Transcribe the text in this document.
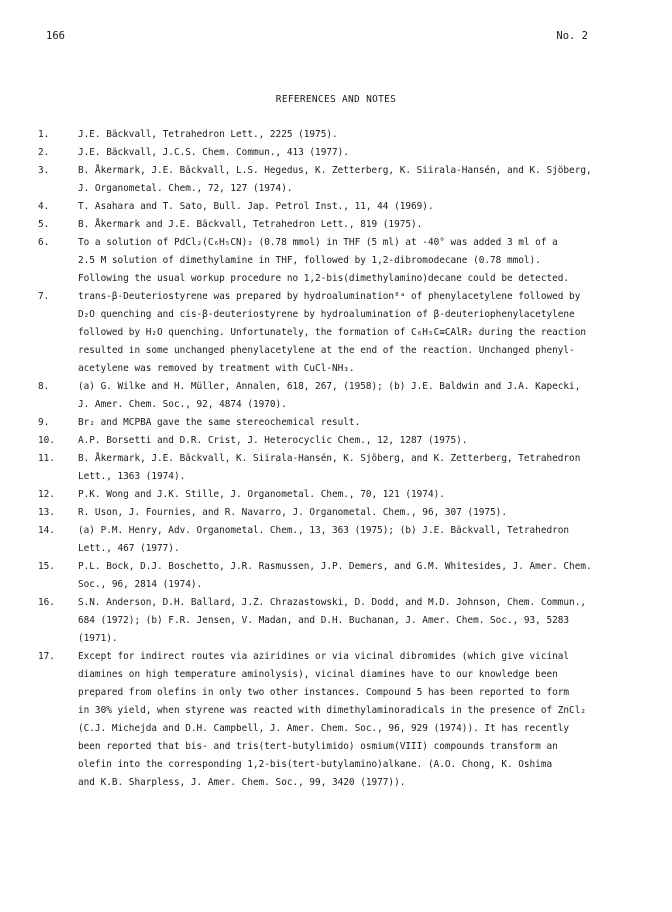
166	No. 2
REFERENCES AND NOTES
1.	J.E. Bäckvall, Tetrahedron Lett., 2225 (1975).
2.	J.E. Bäckvall, J.C.S. Chem. Commun., 413 (1977).
3.	B. Åkermark, J.E. Bäckvall, L.S. Hegedus, K. Zetterberg, K. Siirala-Hansén, and K. Sjöberg,
J. Organometal. Chem., 72, 127 (1974).
4.	T. Asahara and T. Sato, Bull. Jap. Petrol Inst., 11, 44 (1969).
5.	B. Åkermark and J.E. Bäckvall, Tetrahedron Lett., 819 (1975).
6.	To a solution of PdCl₂(C₆H₅CN)₂ (0.78 mmol) in THF (5 ml) at -40° was added 3 ml of a
2.5 M solution of dimethylamine in THF, followed by 1,2-dibromodecane (0.78 mmol).
Following the usual workup procedure no 1,2-bis(dimethylamino)decane could be detected.
7.	trans-β-Deuteriostyrene was prepared by hydroalumination⁸ᵃ of phenylacetylene followed by
D₂O quenching and cis-β-deuteriostyrene by hydroalumination of β-deuteriophenylacetylene
followed by H₂O quenching. Unfortunately, the formation of C₆H₅C≡CAlR₂ during the reaction
resulted in some unchanged phenylacetylene at the end of the reaction. Unchanged phenyl-
acetylene was removed by treatment with CuCl-NH₃.
8.	(a) G. Wilke and H. Müller, Annalen, 618, 267, (1958); (b) J.E. Baldwin and J.A. Kapecki,
J. Amer. Chem. Soc., 92, 4874 (1970).
9.	Br₂ and MCPBA gave the same stereochemical result.
10.	A.P. Borsetti and D.R. Crist, J. Heterocyclic Chem., 12, 1287 (1975).
11.	B. Åkermark, J.E. Bäckvall, K. Siirala-Hansén, K. Sjöberg, and K. Zetterberg, Tetrahedron
Lett., 1363 (1974).
12.	P.K. Wong and J.K. Stille, J. Organometal. Chem., 70, 121 (1974).
13.	R. Uson, J. Fournies, and R. Navarro, J. Organometal. Chem., 96, 307 (1975).
14.	(a) P.M. Henry, Adv. Organometal. Chem., 13, 363 (1975); (b) J.E. Bäckvall, Tetrahedron
Lett., 467 (1977).
15.	P.L. Bock, D.J. Boschetto, J.R. Rasmussen, J.P. Demers, and G.M. Whitesides, J. Amer. Chem.
Soc., 96, 2814 (1974).
16.	S.N. Anderson, D.H. Ballard, J.Z. Chrazastowski, D. Dodd, and M.D. Johnson, Chem. Commun.,
684 (1972); (b) F.R. Jensen, V. Madan, and D.H. Buchanan, J. Amer. Chem. Soc., 93, 5283
(1971).
17.	Except for indirect routes via aziridines or via vicinal dibromides (which give vicinal
diamines on high temperature aminolysis), vicinal diamines have to our knowledge been
prepared from olefins in only two other instances. Compound 5 has been reported to form
in 30% yield, when styrene was reacted with dimethylaminoradicals in the presence of ZnCl₂
(C.J. Michejda and D.H. Campbell, J. Amer. Chem. Soc., 96, 929 (1974)). It has recently
been reported that bis- and tris(tert-butylimido) osmium(VIII) compounds transform an
olefin into the corresponding 1,2-bis(tert-butylamino)alkane. (A.O. Chong, K. Oshima
and K.B. Sharpless, J. Amer. Chem. Soc., 99, 3420 (1977)).
